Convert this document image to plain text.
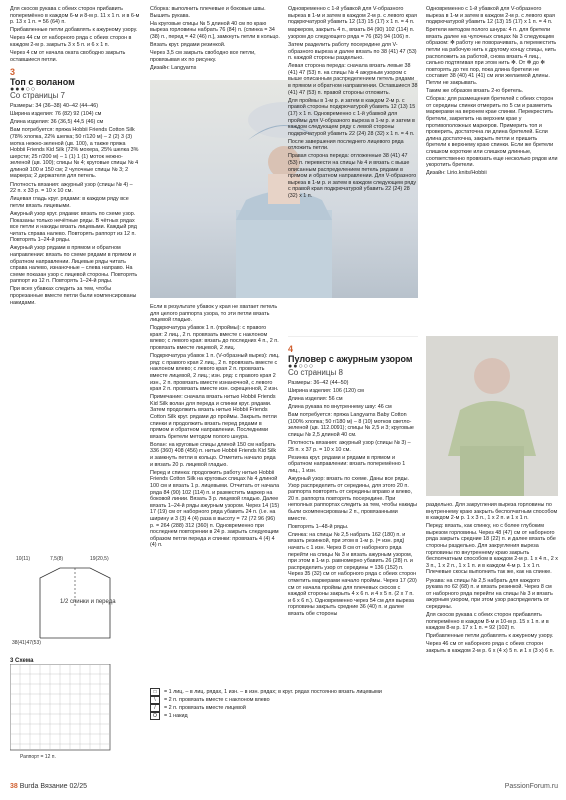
Для скосов рукава с обеих сторон прибавить поперемённо в каждом 6-м и 8-м р. 11 х 1 п. и в 6-м р. 13 х 1 п. = 56 (64) п.

Прибавленные петли добавлять к ажурному узору.

Через 44 см от наборного ряда с обеих сторон в каждом 2-м р. закрыть 3 х 5 п. и 6 х 1 п.

Через 4 см от начала оката свободно закрыть оставшиеся петли.

3
Топ с воланом
●●●○○
Со страницы 7

Размеры: 34 (36–38) 40–42 (44–46)

Ширина изделия: 76 (82) 92 (104) см

Длина изделия: 36 (36,5) 44,5 (46) см

Вам потребуется: пряжа Hobbii Friends Cotton Silk (78% хлопка, 22% шелка; 50 г/120 м) – 2 (2) 3 (3) мотка нежно-зеленой (цв. 100), а также пряжа Hobbii Friends Kid Silk (72% мохера, 25% шелка 3% шерсти; 25 г/200 м) – 1 (1) 1 (1) моток нежно-зеленой (цв. 100); спицы № 4; круговые спицы № 4 длиной 100 и 150 см; 2 чулочные спицы № 3; 2 маркера; 2 держателя для петель.

Плотность вязания: ажурный узор (спицы № 4) – 22 п. x 33 р. = 10 x 10 см.

Лицевая гладь круг. рядами: в каждом ряду все петли вязать лицевыми.

Ажурный узор круг. рядами: вязать по схеме узор. Показаны только нечётные ряды. В чётных рядах все петли и накиды вязать лицевыми. Каждый ряд читать справа налево. Повторять раппорт из 12 п. Повторять 1–24-й ряды.

Ажурный узор рядами в прямом и обратном направлении: вязать по схеме рядами в прямом и обратном направлении. Лицевые ряды читать справа налево, изнаночные – слева направо. На схеме показан узор с лицевой стороны. Повторять раппорт из 12 п. Повторять 1–24-й ряды.

При всех убавках следить за тем, чтобы прорезанные вместе петли были компенсированы накидами.

Сборка: выполнить плечевые и боковые швы. Вышить рукава.

На круговые спицы № 5 длиной 40 см по краю выреза горловины набрать 76 (84) п. (спинка = 34 (38) п., перед = 42 (46) п.], замкнуть петли в кольцо.

Вязать круг. рядами резинкой.

Через 3,5 см закрыть свободно все петли, провязывая их по рисунку.

Дизайн: Langyarns

Если в результате убавок у края не хватает петель для целого раппорта узора, то эти петли вязать лицевой гладью.

Подкрючатура убавок 1 п. (проймы): с правого края: 2 лиц., 2 п. провязать вместе с наклоном влево; с левого края: вязать до последних 4 п., 2 п. провязать вместе лицевой, 2 лиц.

Подкрючатура убавок 1 п. (V-образный вырез): лиц. ряд: с правого края 2 лиц., 2 п. провязать вместе с наклоном влево; с левого края 2 п. провязать вместе лицевой, 2 лиц.; изн. ряд: с правого края 2 изн., 2 п. провязать вместе изнаночной, с левого края 2 п. провязать вместе изн. скрещенной, 2 изн.

Примечание: сначала вязать нитью Hobbii Friends Kid Silk волан для переда и спинки круг. рядами. Затем продолжить вязать нитью Hobbii Friends Cotton Silk круг. рядами до проймы. Закрыть петли спинки и продолжить вязать перед рядами в прямом и обратном направлении. Последними вязать бретели методом полого шнура.

Волан: на круговые спицы длиной 150 см набрать 336 (360) 408 (456) п. нитью Hobbii Friends Kid Silk и замкнуть петли в кольцо. Отметить начало ряда и вязать 20 р. лицевой гладью.

Перед и спинка: продолжить работу нитью Hobbii Friends Cotton Silk на круговых спицах № 4 длиной 100 см и вязать 1 р. лицевыми. Отчитать от начала ряда 84 (90) 102 (114) п. и разместить маркер на боковой линии. Вязать 3 р. лицевой гладью. Далее вязать 1–24-й ряды ажурным узором. Через 14 (15) 17 (19) см от наборного ряда убавить 24 п. (i.e. на ширину и 3 (3) 4 (4) раза в высоту = 72 (72 96 (96) р. = 264 (288) 312 (360) п. Одновременно при последнем повторении в 24 р. закрыть следующим образом петли переда и спинки: провязать 4 (4) 4 (4) п.

Одновременно с 1-й убавкой для V-образного выреза в 1-м и затем в каждом 2-м р. с левого края подкрючатурой убавить 12 (13) 15 (17) х 1 п. = 4 п.

маркером, закрыть 4 п., вязать 84 (90) 102 (114) п. узором до следующего ряда = 76 (82) 94 (106) п.

Затем разделить работу посередине для V-образного выреза и далее вязать по 38 (41) 47 (53) п. каждой стороны раздельно.

Левая сторона переда: сначала вязать левые 38 (41) 47 (53) п. на спицы № 4 ажурным узором с выше описанным распределением петель рядами в прямом и обратном направлении. Оставшиеся 38 (41) 47 (53) п. правой стороны отложить.

Для проймы в 1-м р. и затем в каждом 2-м р. с правой стороны подкрючатурой убавить 12 (13) 15 (17) х 1 п. Одновременно с 1-й убавкой для проймы для V-образного выреза в 1-м р. и затем в каждом следующем ряду с левой стороны подкрючатурой убавить 22 (24) 28 (32) х 1 п. = 4 п.

После завершения последнего лицевого ряда отложить петли.

Правая сторона переда: отложенные 38 (41) 47 (53) п. перевести на спицы № 4 и вязать с выше описанным распределением петель рядами в прямом и обратном направлении. Для V-образного выреза в 1-м р. и затем в каждом следующем ряду с правой края подкрючатурой убавить 22 (24) 28 (32) х 1 п.

4
Пуловер с ажурным узором
●●○○○
Со страницы 8

Размеры: 36–42 (44–50)

Ширина изделия: 106 (120) см

Длина изделия: 56 см

Длина рукава по внутреннему шву: 46 см

Вам потребуется: пряжа Langyarns Baby Cotton (100% хлопка; 50 г/180 м) – 8 (10) мотков светло-зеленой (цв. 112.0091); спицы № 2,5 и 3; круговые спицы № 2,5 длиной 40 см.

Плотность вязания: ажурный узор (спицы № 3) – 25 п. x 37 р. = 10 x 10 см.

Резинка круг. рядами и рядами в прямом и обратном направлении: вязать поперемённо 1 лиц., 1 изн.

Ажурный узор: вязать по схеме. Даны все ряды. Узор распределить от середины, для этого 20 п. раппорта повторять от середины вправо и влево, 20 п. раппорта повторять посередине. При неполных раппортах следить за тем, чтобы накиды были скомпенсированы 2 п., провязанными вместе.

Повторять 1–48-й ряды.

Спинка: на спицы № 2,5 набрать 162 (180) п. и вязать резинкой, при этом в 1-м р. (= изн. ряд) начать с 1 изн. Через 8 см от наборного ряда перейти на спицы № 3 и вязать ажурным узором, при этом в 1-м р. равномерно убавить 26 (28) п. и распределить узор от середины = 136 (152) п. Через 35 (32) см от наборного ряда с обеих сторон отметить маркерами начало проймы. Через 17 (20) см от начала проймы для плечевых скосов с каждой стороны закрыть 4 х 6 п. и 4 х 5 п. (2 х 7 п. и 6 х 6 п.). Одновременно через 54 см для выреза горловины закрыть средние 36 (40) п. и далее вязать обе стороны

Одновременно с 1-й убавкой для V-образного выреза в 1-м и затем в каждом 2-м р. с левого края подкрючатурой убавить 12 (13) 15 (17) х 1 п. = 4 п.

Бретели методом полого шнура: 4 п. для бретели вязать далее на чулочных спицах № 3 следующим образом: ✻ работу не поворачивать, а переместить петли на рабочую нить к другому концу спицы, нить расположить за работой, снова вязать 4 лиц., сильно подтягивая при этом нить ✻. От ✻ до ✻ повторять до тех пор, пока длина бретели не составит 38 (40) 41 (41) см или желаемой длины. Петли не закрывать.

Таким же образом вязать 2-ю бретель.

Сборка: для размещения бретелей с обеих сторон от середины спинки отмерить по 5 см и разметить маркерами на верхнем крае спинки. Перекрестить бретели, закрепить на верхнем крае у противоположных маркеров. Примерить топ и проверить, достаточна ли длина бретелей. Если длина достаточна, закрыть петли и пришить бретели к верхнему краю спинки. Если же бретели слишком короткие или слишком длинные, соответственно провязать еще несколько рядов или укоротить бретели.

Дизайн: Lirio.knits/Hobbii

раздельно. Для закругления выреза горловины по внутреннему краю закрыть бесполчатным способом в каждом 2-м р. 1 х 3 п., 1 х 2 п. и 1 х 1 п.

Перед: вязать, как спинку, но с более глубоким вырезом горловины. Через 48 (47) см от наборного ряда закрыть средние 18 (22) п. и далее вязать обе стороны раздельно. Для закругления выреза горловины по внутреннему краю закрыть бесполчатным способом в каждом 2-м р. 1 х 4 п., 2 х 3 п., 1 х 2 п., 1 х 1 п. и в каждом 4-м р. 1 х 1 п. Плечевые скосы выполнить так же, как на спинке.

Рукава: на спицы № 2,5 набрать для каждого рукава по 62 (68) п. и вязать резинкой. Через 8 см от наборного ряда перейти на спицы № 3 и вязать ажурным узором, при этом узор распределить от середины.

Для скосов рукава с обеих сторон прибавлять поперемённо в каждом 8-м и 10-м р. 15 х 1 п. и в каждом 8-м р. 17 х 1 п. = 92 (102) п.

Прибавленные петли добавлять к ажурному узору.

Через 46 см от наборного ряда с обеих сторон закрыть в каждом 2-м р. 6 х (4 х) 5 п. и 1 х (3 х) 6 п.

1/2 спинки и переда
10(11)	7,5(8)	19(20,5)
38(41)47(53)
3 Схема
Раппорт = 12 п.
□	= 1 лиц. – в лиц. рядах, 1 изн. – в изн. рядах; в круг. рядах постоянно вязать лицевыми
\	= 2 п. провязать вместе с наклоном влево
/	= 2 п. провязать вместе лицевой
O	= 1 накид
38 Burda Вязание 02/25	PassionForum.ru
